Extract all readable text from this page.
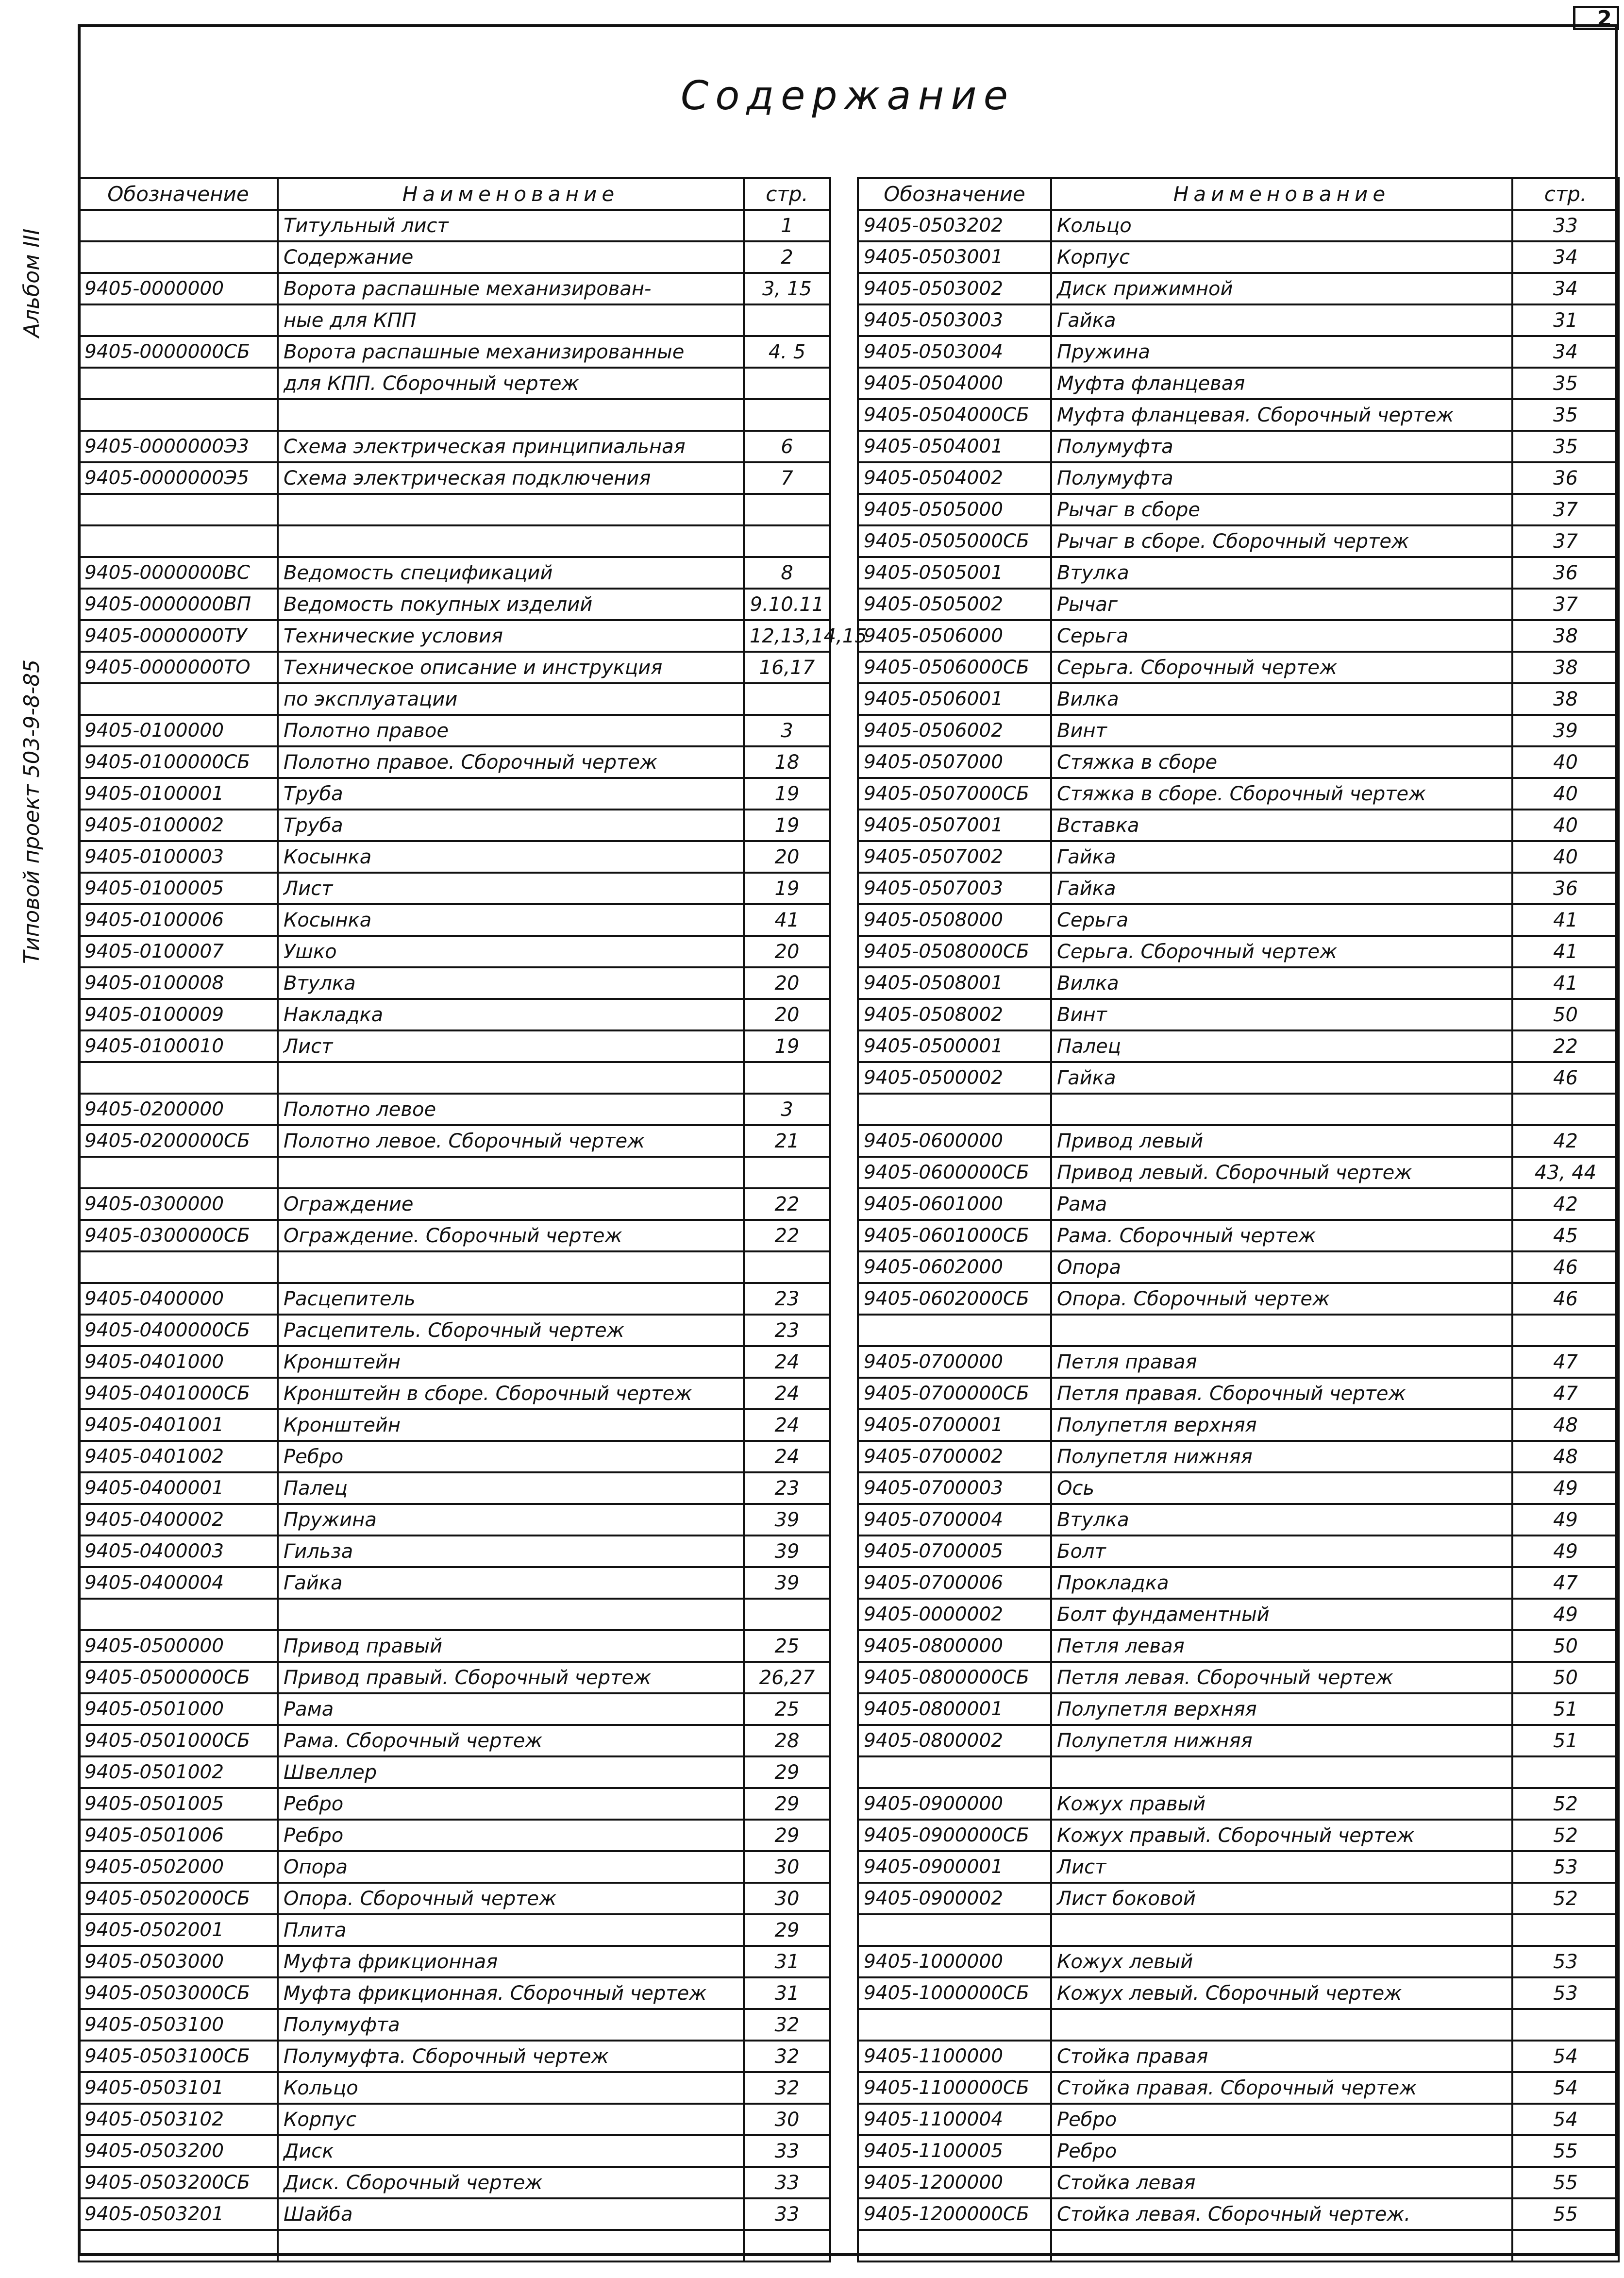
2
Содержание
Альбом III
Типовой проект 503-9-8-85
Обозначение	Наименование	стр.
	Титульный лист	1
	Содержание	2
9405-0000000	Ворота распашные механизирован-	3, 15
	ные для КПП	
9405-0000000СБ	Ворота распашные механизированные	4. 5
	для КПП. Сборочный чертеж	

9405-0000000Э3	Схема электрическая принципиальная	6
9405-0000000Э5	Схема электрическая подключения	7

9405-0000000ВС	Ведомость спецификаций	8
9405-0000000ВП	Ведомость покупных изделий	9.10.11
9405-0000000ТУ	Технические условия	12,13,14,15
9405-0000000ТО	Техническое описание и инструкция	16,17
	по эксплуатации	
9405-0100000	Полотно правое	3
9405-0100000СБ	Полотно правое. Сборочный чертеж	18
9405-0100001	Труба	19
9405-0100002	Труба	19
9405-0100003	Косынка	20
9405-0100005	Лист	19
9405-0100006	Косынка	41
9405-0100007	Ушко	20
9405-0100008	Втулка	20
9405-0100009	Накладка	20
9405-0100010	Лист	19

9405-0200000	Полотно левое	3
9405-0200000СБ	Полотно левое. Сборочный чертеж	21

9405-0300000	Ограждение	22
9405-0300000СБ	Ограждение. Сборочный чертеж	22

9405-0400000	Расцепитель	23
9405-0400000СБ	Расцепитель. Сборочный чертеж	23
9405-0401000	Кронштейн	24
9405-0401000СБ	Кронштейн в сборе. Сборочный чертеж	24
9405-0401001	Кронштейн	24
9405-0401002	Ребро	24
9405-0400001	Палец	23
9405-0400002	Пружина	39
9405-0400003	Гильза	39
9405-0400004	Гайка	39

9405-0500000	Привод правый	25
9405-0500000СБ	Привод правый. Сборочный чертеж	26,27
9405-0501000	Рама	25
9405-0501000СБ	Рама. Сборочный чертеж	28
9405-0501002	Швеллер	29
9405-0501005	Ребро	29
9405-0501006	Ребро	29
9405-0502000	Опора	30
9405-0502000СБ	Опора. Сборочный чертеж	30
9405-0502001	Плита	29
9405-0503000	Муфта фрикционная	31
9405-0503000СБ	Муфта фрикционная. Сборочный чертеж	31
9405-0503100	Полумуфта	32
9405-0503100СБ	Полумуфта. Сборочный чертеж	32
9405-0503101	Кольцо	32
9405-0503102	Корпус	30
9405-0503200	Диск	33
9405-0503200СБ	Диск. Сборочный чертеж	33
9405-0503201	Шайба	33

Обозначение	Наименование	стр.
9405-0503202	Кольцо	33
9405-0503001	Корпус	34
9405-0503002	Диск прижимной	34
9405-0503003	Гайка	31
9405-0503004	Пружина	34
9405-0504000	Муфта фланцевая	35
9405-0504000СБ	Муфта фланцевая. Сборочный чертеж	35
9405-0504001	Полумуфта	35
9405-0504002	Полумуфта	36
9405-0505000	Рычаг в сборе	37
9405-0505000СБ	Рычаг в сборе. Сборочный чертеж	37
9405-0505001	Втулка	36
9405-0505002	Рычаг	37
9405-0506000	Серьга	38
9405-0506000СБ	Серьга. Сборочный чертеж	38
9405-0506001	Вилка	38
9405-0506002	Винт	39
9405-0507000	Стяжка в сборе	40
9405-0507000СБ	Стяжка в сборе. Сборочный чертеж	40
9405-0507001	Вставка	40
9405-0507002	Гайка	40
9405-0507003	Гайка	36
9405-0508000	Серьга	41
9405-0508000СБ	Серьга. Сборочный чертеж	41
9405-0508001	Вилка	41
9405-0508002	Винт	50
9405-0500001	Палец	22
9405-0500002	Гайка	46

9405-0600000	Привод левый	42
9405-0600000СБ	Привод левый. Сборочный чертеж	43, 44
9405-0601000	Рама	42
9405-0601000СБ	Рама. Сборочный чертеж	45
9405-0602000	Опора	46
9405-0602000СБ	Опора. Сборочный чертеж	46

9405-0700000	Петля правая	47
9405-0700000СБ	Петля правая. Сборочный чертеж	47
9405-0700001	Полупетля верхняя	48
9405-0700002	Полупетля нижняя	48
9405-0700003	Ось	49
9405-0700004	Втулка	49
9405-0700005	Болт	49
9405-0700006	Прокладка	47
9405-0000002	Болт фундаментный	49
9405-0800000	Петля левая	50
9405-0800000СБ	Петля левая. Сборочный чертеж	50
9405-0800001	Полупетля верхняя	51
9405-0800002	Полупетля нижняя	51

9405-0900000	Кожух правый	52
9405-0900000СБ	Кожух правый. Сборочный чертеж	52
9405-0900001	Лист	53
9405-0900002	Лист боковой	52

9405-1000000	Кожух левый	53
9405-1000000СБ	Кожух левый. Сборочный чертеж	53

9405-1100000	Стойка правая	54
9405-1100000СБ	Стойка правая. Сборочный чертеж	54
9405-1100004	Ребро	54
9405-1100005	Ребро	55
9405-1200000	Стойка левая	55
9405-1200000СБ	Стойка левая. Сборочный чертеж.	55
